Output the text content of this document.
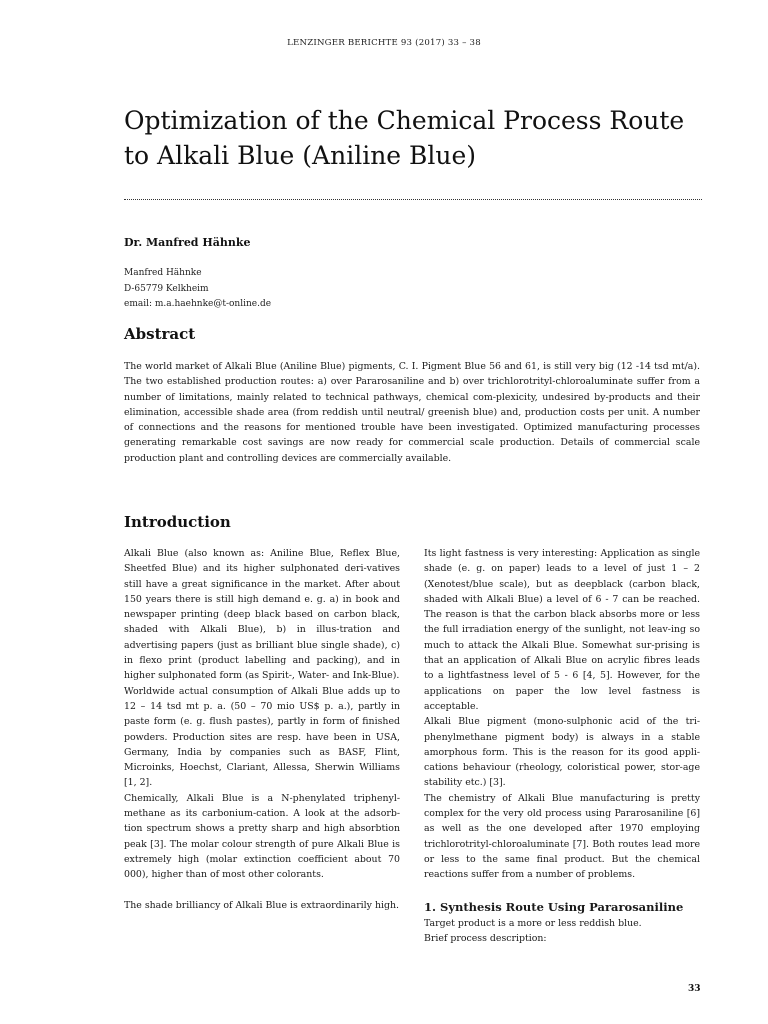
LENZINGER BERICHTE 93 (2017) 33 – 38
Optimization of the Chemical Process Route
to Alkali Blue (Aniline Blue)
Dr. Manfred Hähnke
Manfred Hähnke
D-65779 Kelkheim
email: m.a.haehnke@t-online.de
Abstract

The world market of Alkali Blue (Aniline Blue) pigments, C. I. Pigment Blue 56 and 61, is still very big (12 -14 tsd mt/a). The two established production routes: a) over Pararosaniline and b) over trichlorotrityl-chloroaluminate suffer from a number of limitations, mainly related to technical pathways, chemical com-plexicity, undesired by-products and their elimination, accessible shade area (from reddish until neutral/ greenish blue) and, production costs per unit. A number of connections and the reasons for mentioned trouble have been investigated. Optimized manufacturing processes generating remarkable cost savings are now ready for commercial scale production. Details of commercial scale production plant and controlling devices are commercially available.

Introduction

Alkali Blue (also known as: Aniline Blue, Reflex Blue, Sheetfed Blue) and its higher sulphonated deri-vatives still have a great significance in the market. After about 150 years there is still high demand e. g. a) in book and newspaper printing (deep black based on carbon black, shaded with Alkali Blue), b) in illus-tration and advertising papers (just as brilliant blue single shade), c) in flexo print (product labelling and packing), and in higher sulphonated form (as Spirit-, Water- and Ink-Blue).

Worldwide actual consumption of Alkali Blue adds up to 12 – 14 tsd mt p. a. (50 – 70 mio US$ p. a.), partly in paste form (e. g. flush pastes), partly in form of finished powders. Production sites are resp. have been in USA, Germany, India by companies such as BASF, Flint, Microinks, Hoechst, Clariant, Allessa, Sherwin Williams [1, 2].

Chemically, Alkali Blue is a N-phenylated triphenyl-methane as its carbonium-cation. A look at the adsorb-tion spectrum shows a pretty sharp and high absorbtion peak [3]. The molar colour strength of pure Alkali Blue is extremely high (molar extinction coefficient about 70 000), higher than of most other colorants.

The shade brilliancy of Alkali Blue is extraordinarily high.

Its light fastness is very interesting: Application as single shade (e. g. on paper) leads to a level of just 1 – 2 (Xenotest/blue scale), but as deepblack (carbon black, shaded with Alkali Blue) a level of 6 - 7 can be reached. The reason is that the carbon black absorbs more or less the full irradiation energy of the sunlight, not leav-ing so much to attack the Alkali Blue. Somewhat sur-prising is that an application of Alkali Blue on acrylic fibres leads to a lightfastness level of 5 - 6 [4, 5]. However, for the applications on paper the low level fastness is acceptable.

Alkali Blue pigment (mono-sulphonic acid of the tri-phenylmethane pigment body) is always in a stable amorphous form. This is the reason for its good appli-cations behaviour (rheology, coloristical power, stor-age stability etc.) [3].

The chemistry of Alkali Blue manufacturing is pretty complex for the very old process using Pararosaniline [6] as well as the one developed after 1970 employing trichlorotrityl-chloroaluminate [7]. Both routes lead more or less to the same final product. But the chemical reactions suffer from a number of problems.

1. Synthesis Route Using Pararosaniline

Target product is a more or less reddish blue.

Brief process description:

33
